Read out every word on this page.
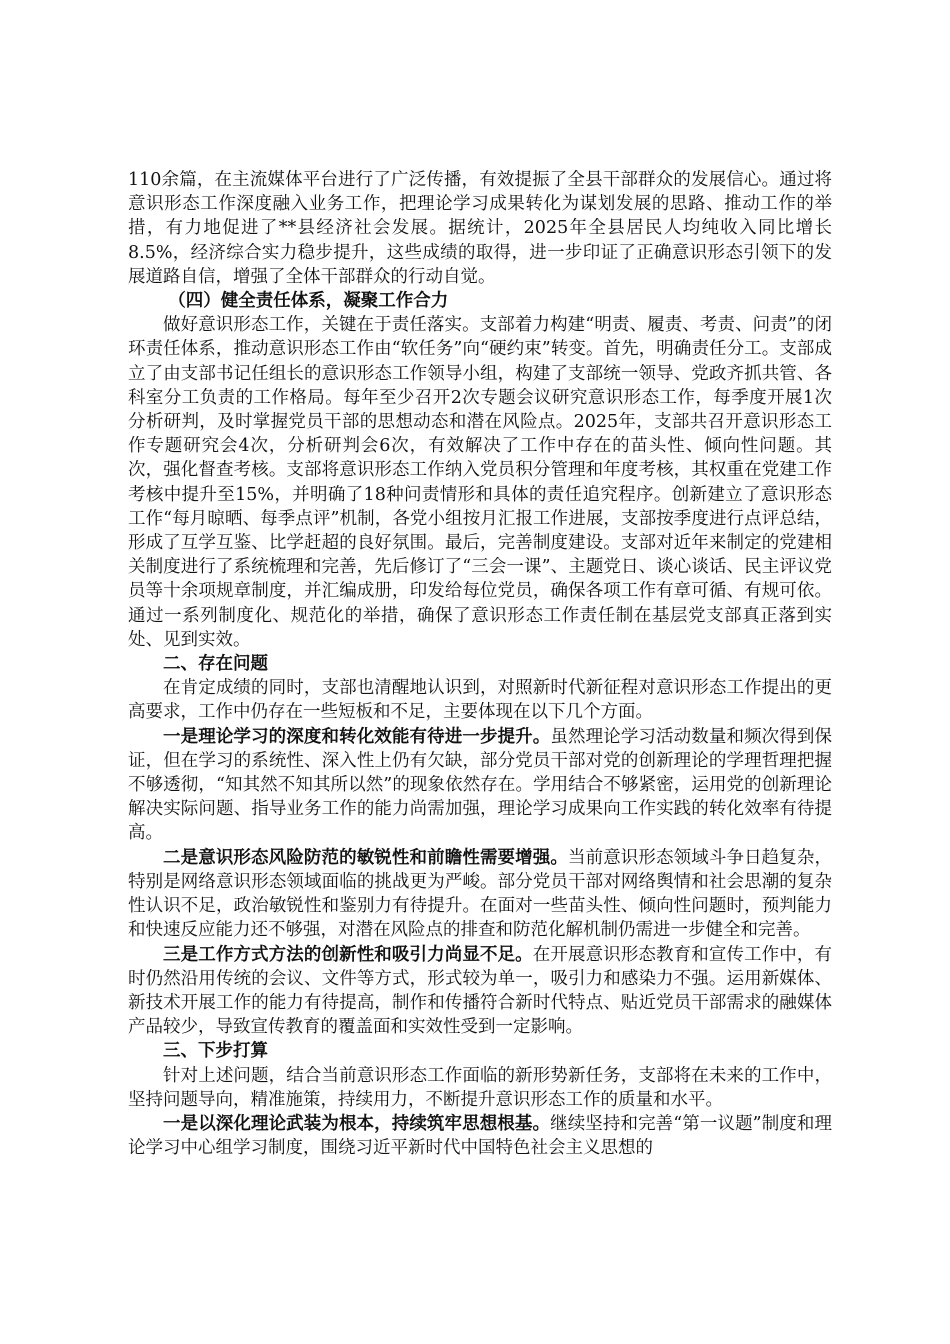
110余篇，在主流媒体平台进行了广泛传播，有效提振了全县干部群众的发展信心。通过将意识形态工作深度融入业务工作，把理论学习成果转化为谋划发展的思路、推动工作的举措，有力地促进了**县经济社会发展。据统计，2025年全县居民人均纯收入同比增长8.5%，经济综合实力稳步提升，这些成绩的取得，进一步印证了正确意识形态引领下的发展道路自信，增强了全体干部群众的行动自觉。

（四）健全责任体系，凝聚工作合力

做好意识形态工作，关键在于责任落实。支部着力构建“明责、履责、考责、问责”的闭环责任体系，推动意识形态工作由“软任务”向“硬约束”转变。首先，明确责任分工。支部成立了由支部书记任组长的意识形态工作领导小组，构建了支部统一领导、党政齐抓共管、各科室分工负责的工作格局。每年至少召开2次专题会议研究意识形态工作，每季度开展1次分析研判，及时掌握党员干部的思想动态和潜在风险点。2025年，支部共召开意识形态工作专题研究会4次，分析研判会6次，有效解决了工作中存在的苗头性、倾向性问题。其次，强化督查考核。支部将意识形态工作纳入党员积分管理和年度考核，其权重在党建工作考核中提升至15%，并明确了18种问责情形和具体的责任追究程序。创新建立了意识形态工作“每月晾晒、每季点评”机制，各党小组按月汇报工作进展，支部按季度进行点评总结，形成了互学互鉴、比学赶超的良好氛围。最后，完善制度建设。支部对近年来制定的党建相关制度进行了系统梳理和完善，先后修订了“三会一课”、主题党日、谈心谈话、民主评议党员等十余项规章制度，并汇编成册，印发给每位党员，确保各项工作有章可循、有规可依。通过一系列制度化、规范化的举措，确保了意识形态工作责任制在基层党支部真正落到实处、见到实效。

二、存在问题

在肯定成绩的同时，支部也清醒地认识到，对照新时代新征程对意识形态工作提出的更高要求，工作中仍存在一些短板和不足，主要体现在以下几个方面。

一是理论学习的深度和转化效能有待进一步提升。虽然理论学习活动数量和频次得到保证，但在学习的系统性、深入性上仍有欠缺，部分党员干部对党的创新理论的学理哲理把握不够透彻，“知其然不知其所以然”的现象依然存在。学用结合不够紧密，运用党的创新理论解决实际问题、指导业务工作的能力尚需加强，理论学习成果向工作实践的转化效率有待提高。

二是意识形态风险防范的敏锐性和前瞻性需要增强。当前意识形态领域斗争日趋复杂，特别是网络意识形态领域面临的挑战更为严峻。部分党员干部对网络舆情和社会思潮的复杂性认识不足，政治敏锐性和鉴别力有待提升。在面对一些苗头性、倾向性问题时，预判能力和快速反应能力还不够强，对潜在风险点的排查和防范化解机制仍需进一步健全和完善。

三是工作方式方法的创新性和吸引力尚显不足。在开展意识形态教育和宣传工作中，有时仍然沿用传统的会议、文件等方式，形式较为单一，吸引力和感染力不强。运用新媒体、新技术开展工作的能力有待提高，制作和传播符合新时代特点、贴近党员干部需求的融媒体产品较少，导致宣传教育的覆盖面和实效性受到一定影响。

三、下步打算

针对上述问题，结合当前意识形态工作面临的新形势新任务，支部将在未来的工作中，坚持问题导向，精准施策，持续用力，不断提升意识形态工作的质量和水平。

一是以深化理论武装为根本，持续筑牢思想根基。继续坚持和完善“第一议题”制度和理论学习中心组学习制度，围绕习近平新时代中国特色社会主义思想的
